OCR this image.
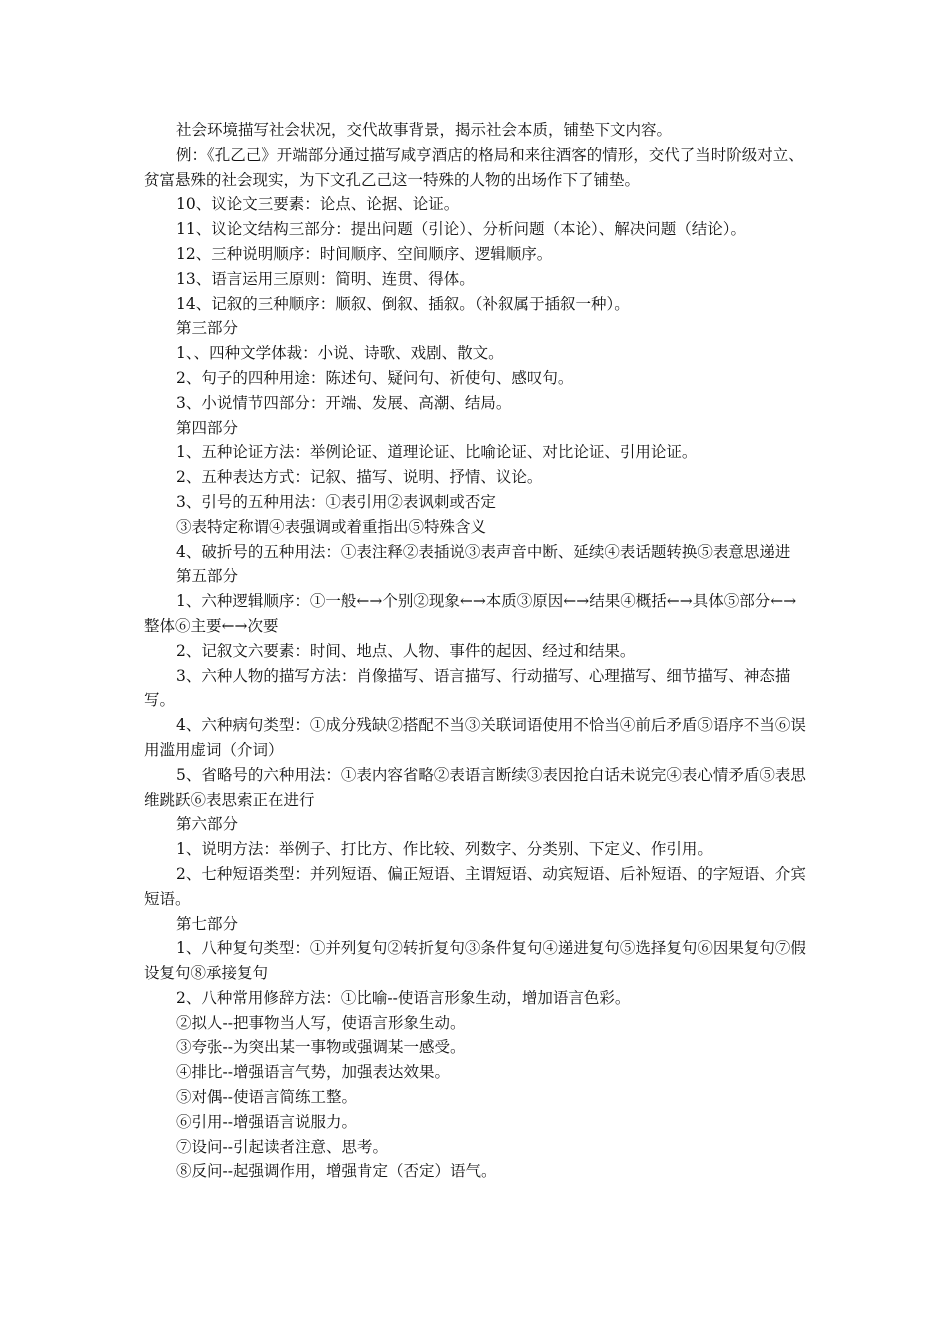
社会环境描写社会状况，交代故事背景，揭示社会本质，铺垫下文内容。

例：《孔乙己》开端部分通过描写咸亨酒店的格局和来往酒客的情形，交代了当时阶级对立、贫富悬殊的社会现实，为下文孔乙己这一特殊的人物的出场作下了铺垫。

10、议论文三要素：论点、论据、论证。

11、议论文结构三部分：提出问题（引论）、分析问题（本论）、解决问题（结论）。

12、三种说明顺序：时间顺序、空间顺序、逻辑顺序。

13、语言运用三原则：简明、连贯、得体。

14、记叙的三种顺序：顺叙、倒叙、插叙。（补叙属于插叙一种）。

第三部分

1、、四种文学体裁：小说、诗歌、戏剧、散文。

2、句子的四种用途：陈述句、疑问句、祈使句、感叹句。

3、小说情节四部分：开端、发展、高潮、结局。

第四部分

1、五种论证方法：举例论证、道理论证、比喻论证、对比论证、引用论证。

2、五种表达方式：记叙、描写、说明、抒情、议论。

3、引号的五种用法：①表引用②表讽刺或否定

③表特定称谓④表强调或着重指出⑤特殊含义

4、破折号的五种用法：①表注释②表插说③表声音中断、延续④表话题转换⑤表意思递进

第五部分

1、六种逻辑顺序：①一般←→个别②现象←→本质③原因←→结果④概括←→具体⑤部分←→整体⑥主要←→次要

2、记叙文六要素：时间、地点、人物、事件的起因、经过和结果。

3、六种人物的描写方法：肖像描写、语言描写、行动描写、心理描写、细节描写、神态描写。

4、六种病句类型：①成分残缺②搭配不当③关联词语使用不恰当④前后矛盾⑤语序不当⑥误用滥用虚词（介词）

5、省略号的六种用法：①表内容省略②表语言断续③表因抢白话未说完④表心情矛盾⑤表思维跳跃⑥表思索正在进行

第六部分

1、说明方法：举例子、打比方、作比较、列数字、分类别、下定义、作引用。

2、七种短语类型：并列短语、偏正短语、主谓短语、动宾短语、后补短语、的字短语、介宾短语。

第七部分

1、八种复句类型：①并列复句②转折复句③条件复句④递进复句⑤选择复句⑥因果复句⑦假设复句⑧承接复句

2、八种常用修辞方法：①比喻--使语言形象生动，增加语言色彩。

②拟人--把事物当人写，使语言形象生动。

③夸张--为突出某一事物或强调某一感受。

④排比--增强语言气势，加强表达效果。

⑤对偶--使语言简练工整。

⑥引用--增强语言说服力。

⑦设问--引起读者注意、思考。

⑧反问--起强调作用，增强肯定（否定）语气。
